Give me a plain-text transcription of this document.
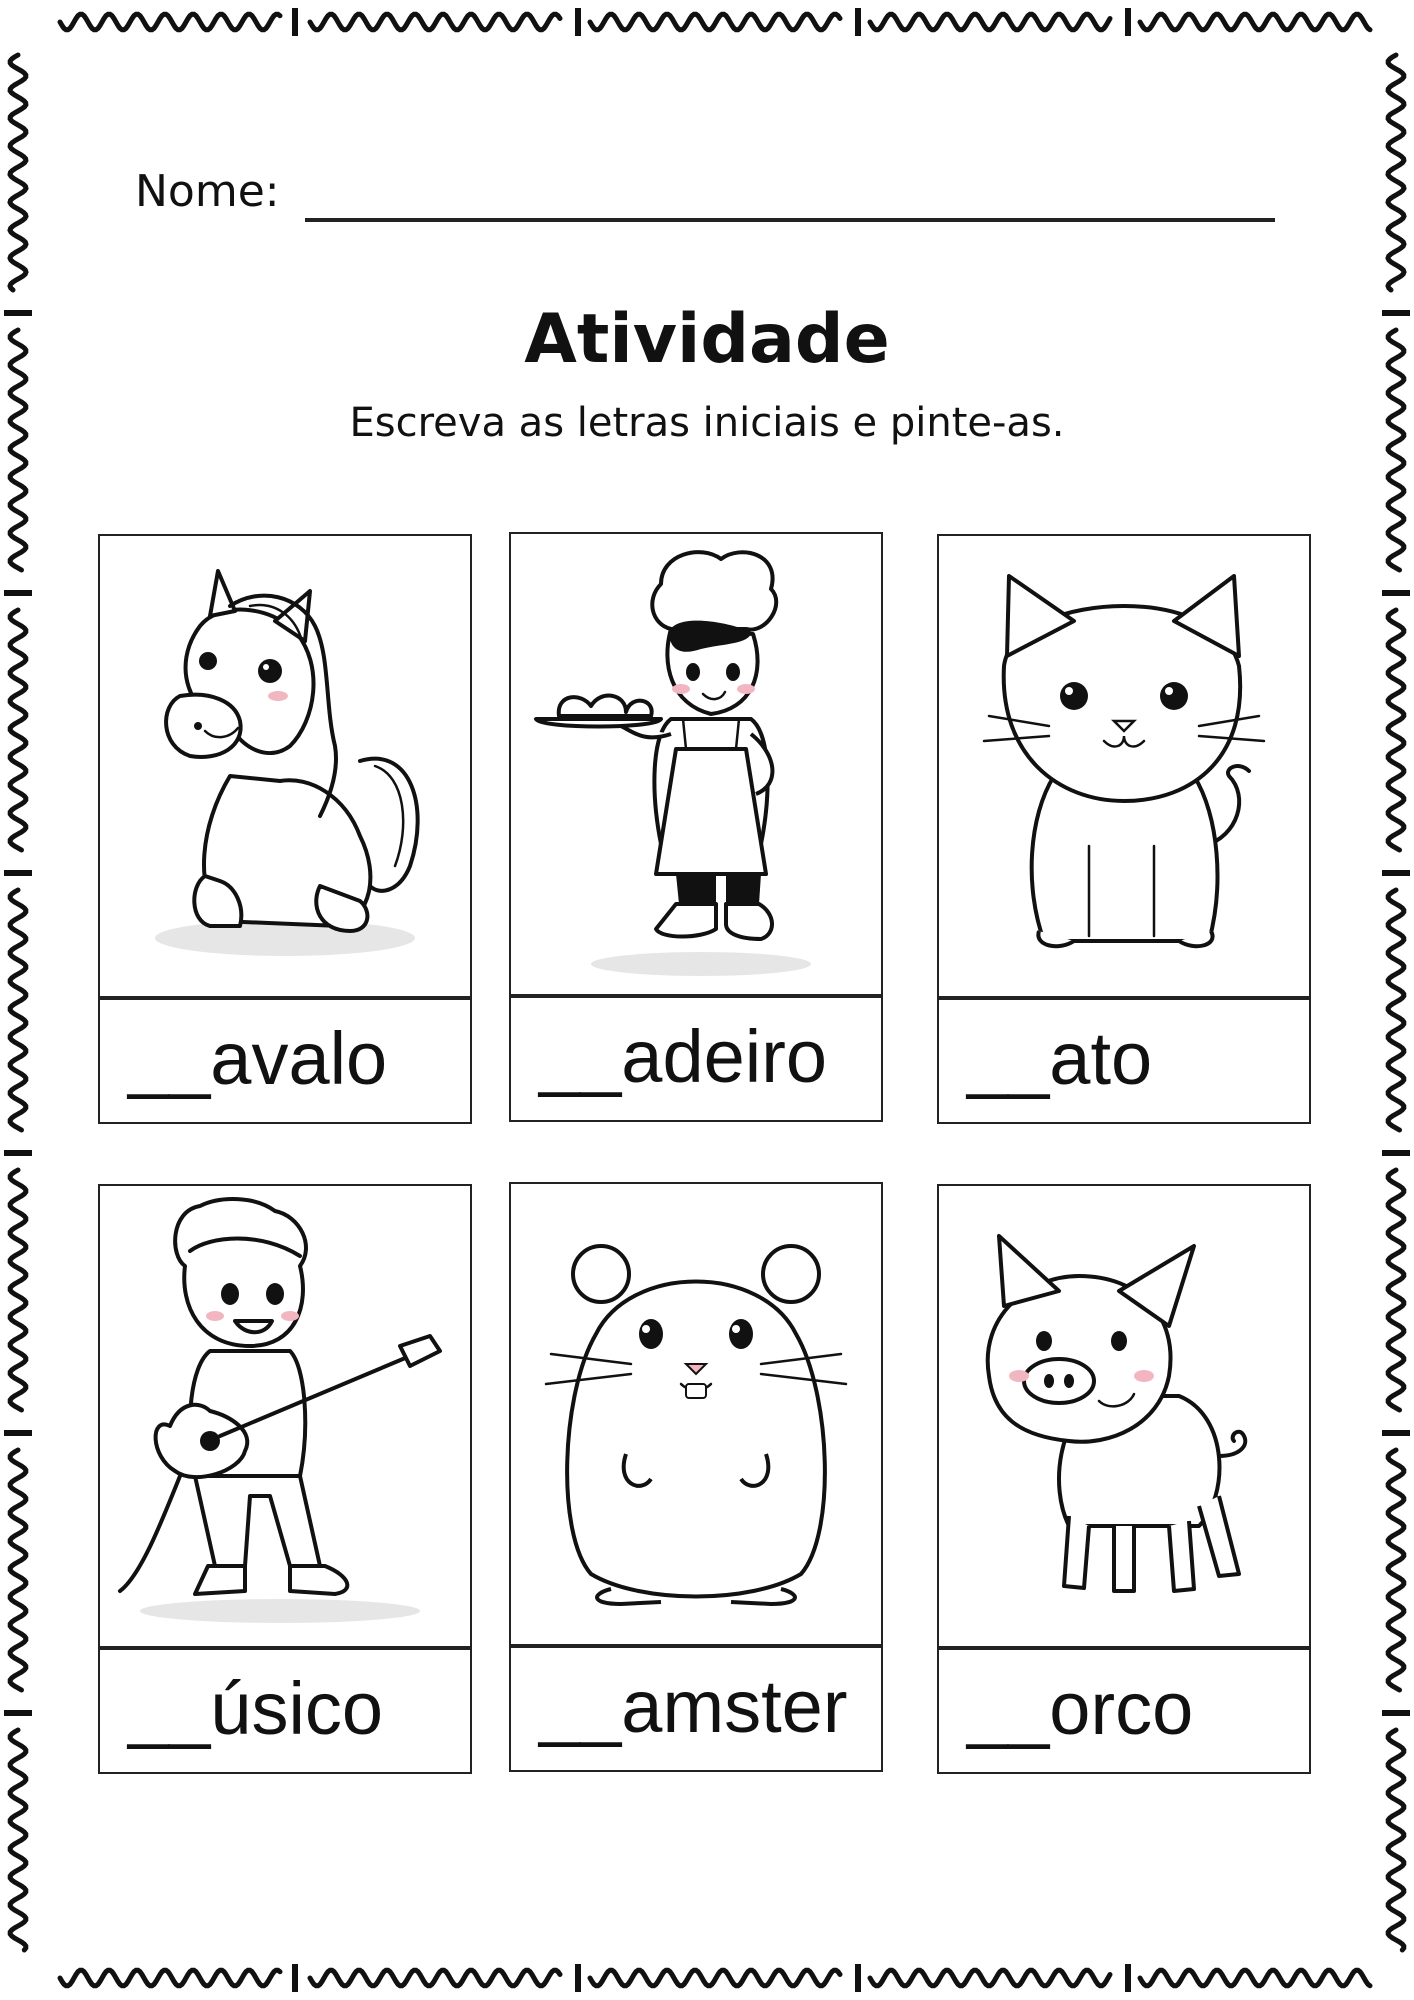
Nome:
Atividade
Escreva as letras iniciais e pinte-as.
__avalo __adeiro __ato
__úsico __amster __orco
